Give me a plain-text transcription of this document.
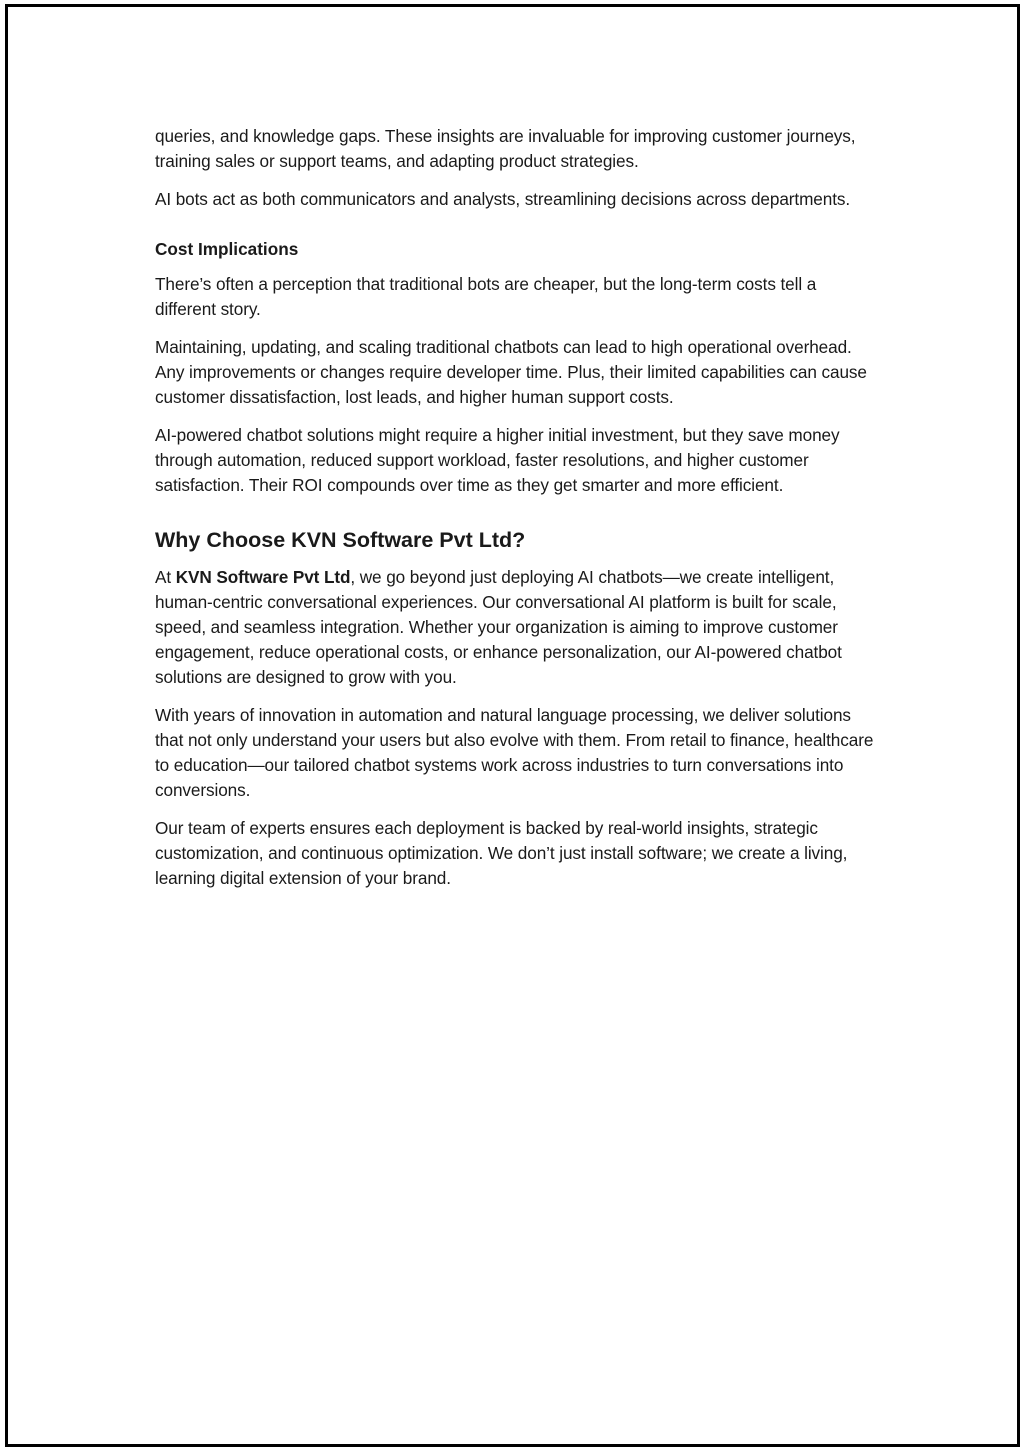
queries, and knowledge gaps. These insights are invaluable for improving customer journeys, training sales or support teams, and adapting product strategies.

AI bots act as both communicators and analysts, streamlining decisions across departments.

Cost Implications

There’s often a perception that traditional bots are cheaper, but the long-term costs tell a different story.

Maintaining, updating, and scaling traditional chatbots can lead to high operational overhead. Any improvements or changes require developer time. Plus, their limited capabilities can cause customer dissatisfaction, lost leads, and higher human support costs.

AI-powered chatbot solutions might require a higher initial investment, but they save money through automation, reduced support workload, faster resolutions, and higher customer satisfaction. Their ROI compounds over time as they get smarter and more efficient.

Why Choose KVN Software Pvt Ltd?

At KVN Software Pvt Ltd, we go beyond just deploying AI chatbots—we create intelligent, human-centric conversational experiences. Our conversational AI platform is built for scale, speed, and seamless integration. Whether your organization is aiming to improve customer engagement, reduce operational costs, or enhance personalization, our AI-powered chatbot solutions are designed to grow with you.

With years of innovation in automation and natural language processing, we deliver solutions that not only understand your users but also evolve with them. From retail to finance, healthcare to education—our tailored chatbot systems work across industries to turn conversations into conversions.

Our team of experts ensures each deployment is backed by real-world insights, strategic customization, and continuous optimization. We don’t just install software; we create a living, learning digital extension of your brand.
